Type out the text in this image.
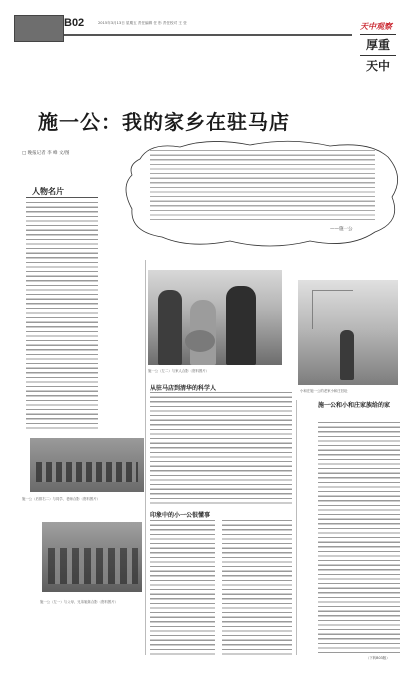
B02	2015年3月13日 星期五 责任编辑 任 彤 责任校对 王 莹	天中观察
厚重
天中
施一公：我的家乡在驻马店
□ 晚报记者 李 峰 文/图
——施一公
人物名片
施一公（左二）与家人合影（资料图片）
小和庄施一公的老家小和庄旧址
从驻马店到清华的科学人
印象中的小一公很懂事
施一公和小和庄家族给的家
（下转B03版）
施一公（后排右二）与同学、老师合影（资料图片）
施一公（左一）与父母、兄弟姐妹合影（资料图片）
